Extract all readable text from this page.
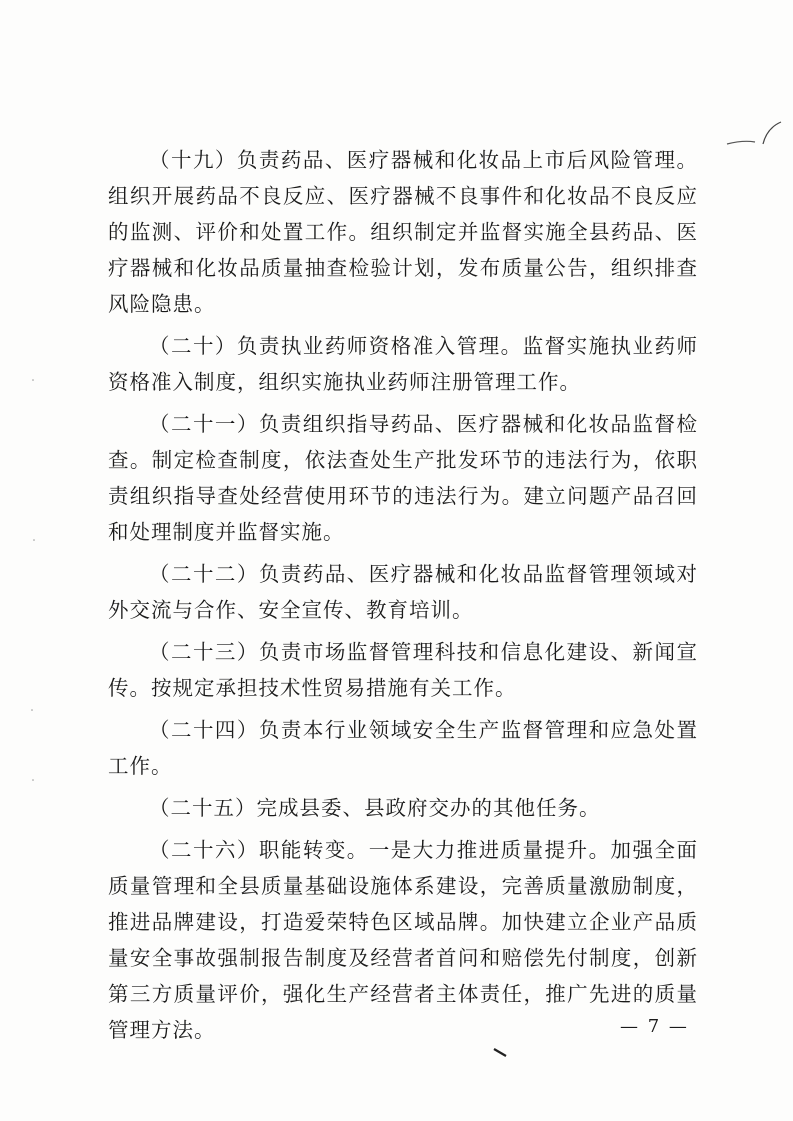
（十九）负责药品、医疗器械和化妆品上市后风险管理。组织开展药品不良反应、医疗器械不良事件和化妆品不良反应的监测、评价和处置工作。组织制定并监督实施全县药品、医疗器械和化妆品质量抽查检验计划，发布质量公告，组织排查风险隐患。

（二十）负责执业药师资格准入管理。监督实施执业药师资格准入制度，组织实施执业药师注册管理工作。

（二十一）负责组织指导药品、医疗器械和化妆品监督检查。制定检查制度，依法查处生产批发环节的违法行为，依职责组织指导查处经营使用环节的违法行为。建立问题产品召回和处理制度并监督实施。

（二十二）负责药品、医疗器械和化妆品监督管理领域对外交流与合作、安全宣传、教育培训。

（二十三）负责市场监督管理科技和信息化建设、新闻宣传。按规定承担技术性贸易措施有关工作。

（二十四）负责本行业领域安全生产监督管理和应急处置工作。

（二十五）完成县委、县政府交办的其他任务。

（二十六）职能转变。一是大力推进质量提升。加强全面质量管理和全县质量基础设施体系建设，完善质量激励制度，推进品牌建设，打造爱荣特色区域品牌。加快建立企业产品质量安全事故强制报告制度及经营者首问和赔偿先付制度，创新第三方质量评价，强化生产经营者主体责任，推广先进的质量管理方法。	— 7 —
